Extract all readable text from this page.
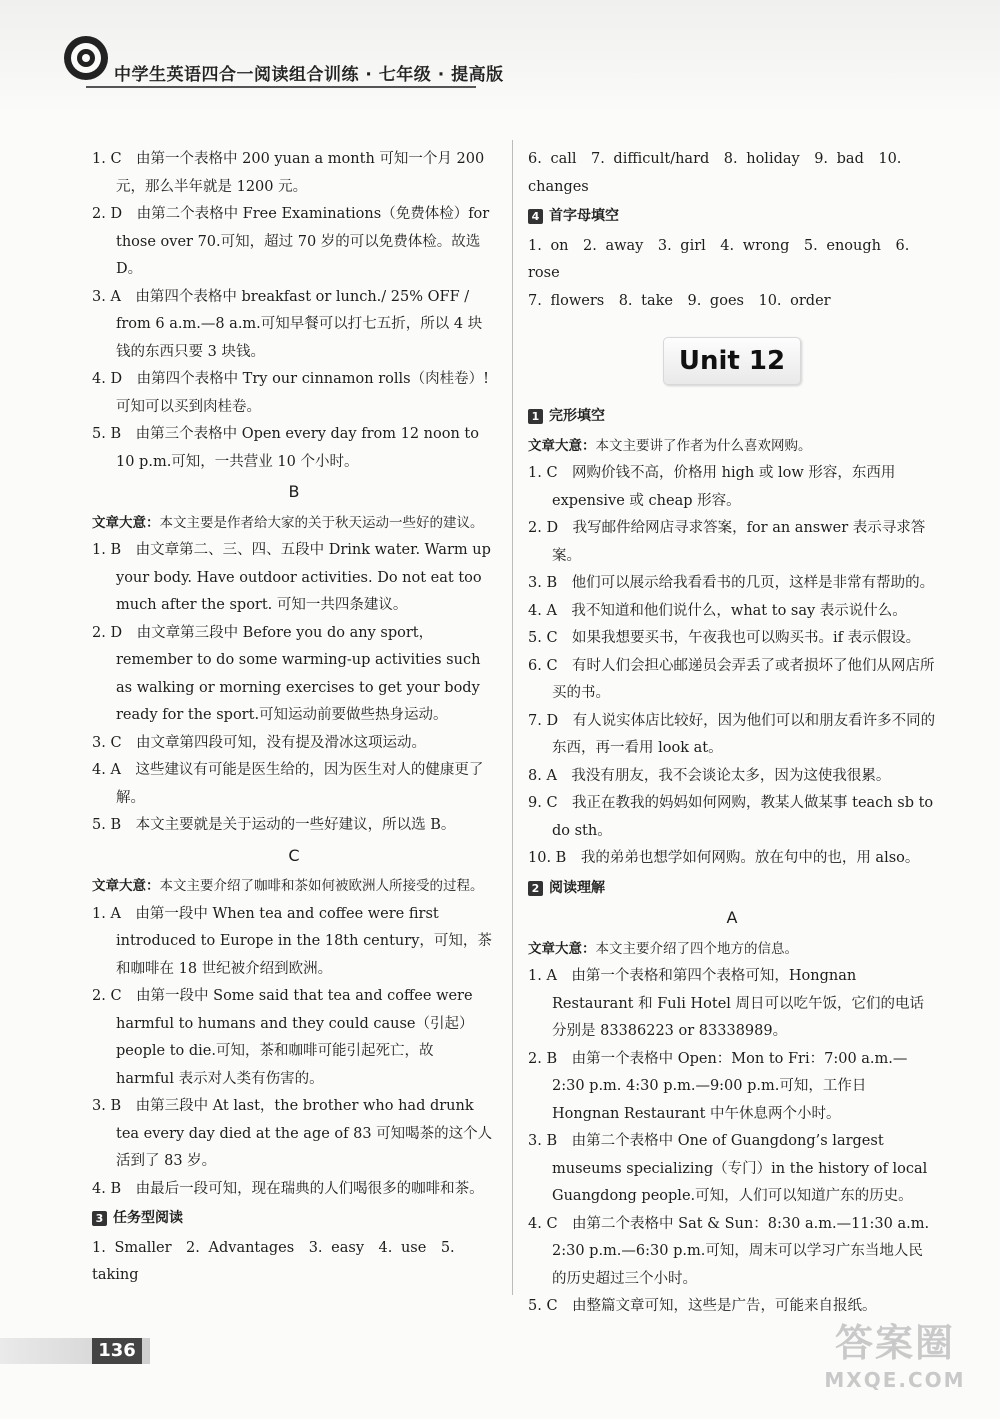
中学生英语四合一阅读组合训练 · 七年级 · 提高版

1. C　由第一个表格中 200 yuan a month 可知一个月 200 元，那么半年就是 1200 元。

2. D　由第二个表格中 Free Examinations（免费体检）for those over 70.可知，超过 70 岁的可以免费体检。故选 D。

3. A　由第四个表格中 breakfast or lunch./ 25% OFF / from 6 a.m.—8 a.m.可知早餐可以打七五折，所以 4 块钱的东西只要 3 块钱。

4. D　由第四个表格中 Try our cinnamon rolls（肉桂卷）! 可知可以买到肉桂卷。

5. B　由第三个表格中 Open every day from 12 noon to 10 p.m.可知，一共营业 10 个小时。

B

文章大意：本文主要是作者给大家的关于秋天运动一些好的建议。

1. B　由文章第二、三、四、五段中 Drink water. Warm up your body. Have outdoor activities. Do not eat too much after the sport. 可知一共四条建议。

2. D　由文章第三段中 Before you do any sport，remember to do some warming-up activities such as walking or morning exercises to get your body ready for the sport.可知运动前要做些热身运动。

3. C　由文章第四段可知，没有提及滑冰这项运动。

4. A　这些建议有可能是医生给的，因为医生对人的健康更了解。

5. B　本文主要就是关于运动的一些好建议，所以选 B。

C

文章大意：本文主要介绍了咖啡和茶如何被欧洲人所接受的过程。

1. A　由第一段中 When tea and coffee were first introduced to Europe in the 18th century，可知，茶和咖啡在 18 世纪被介绍到欧洲。

2. C　由第一段中 Some said that tea and coffee were harmful to humans and they could cause（引起）people to die.可知，茶和咖啡可能引起死亡，故 harmful 表示对人类有伤害的。

3. B　由第三段中 At last，the brother who had drunk tea every day died at the age of 83 可知喝茶的这个人活到了 83 岁。

4. B　由最后一段可知，现在瑞典的人们喝很多的咖啡和茶。

3 任务型阅读

1. Smaller　2. Advantages　3. easy　4. use　5. taking

6. call　7. difficult/hard　8. holiday　9. bad　10. changes

4 首字母填空

1. on　2. away　3. girl　4. wrong　5. enough　6. rose

7. flowers　8. take　9. goes　10. order

Unit 12
1 完形填空

文章大意：本文主要讲了作者为什么喜欢网购。

1. C　网购价钱不高，价格用 high 或 low 形容，东西用 expensive 或 cheap 形容。

2. D　我写邮件给网店寻求答案，for an answer 表示寻求答案。

3. B　他们可以展示给我看看书的几页，这样是非常有帮助的。

4. A　我不知道和他们说什么，what to say 表示说什么。

5. C　如果我想要买书，午夜我也可以购买书。if 表示假设。

6. C　有时人们会担心邮递员会弄丢了或者损坏了他们从网店所买的书。

7. D　有人说实体店比较好，因为他们可以和朋友看许多不同的东西，再一看用 look at。

8. A　我没有朋友，我不会谈论太多，因为这使我很累。

9. C　我正在教我的妈妈如何网购，教某人做某事 teach sb to do sth。

10. B　我的弟弟也想学如何网购。放在句中的也，用 also。

2 阅读理解
A

文章大意：本文主要介绍了四个地方的信息。

1. A　由第一个表格和第四个表格可知，Hongnan Restaurant 和 Fuli Hotel 周日可以吃午饭，它们的电话分别是 83386223 or 83338989。

2. B　由第一个表格中 Open：Mon to Fri：7:00 a.m.—2:30 p.m. 4:30 p.m.—9:00 p.m.可知，工作日 Hongnan Restaurant 中午休息两个小时。

3. B　由第二个表格中 One of Guangdong’s largest museums specializing（专门）in the history of local Guangdong people.可知，人们可以知道广东的历史。

4. C　由第二个表格中 Sat & Sun：8:30 a.m.—11:30 a.m. 2:30 p.m.—6:30 p.m.可知，周末可以学习广东当地人民的历史超过三个小时。

5. C　由整篇文章可知，这些是广告，可能来自报纸。

136	答案圈
MXQE.COM
